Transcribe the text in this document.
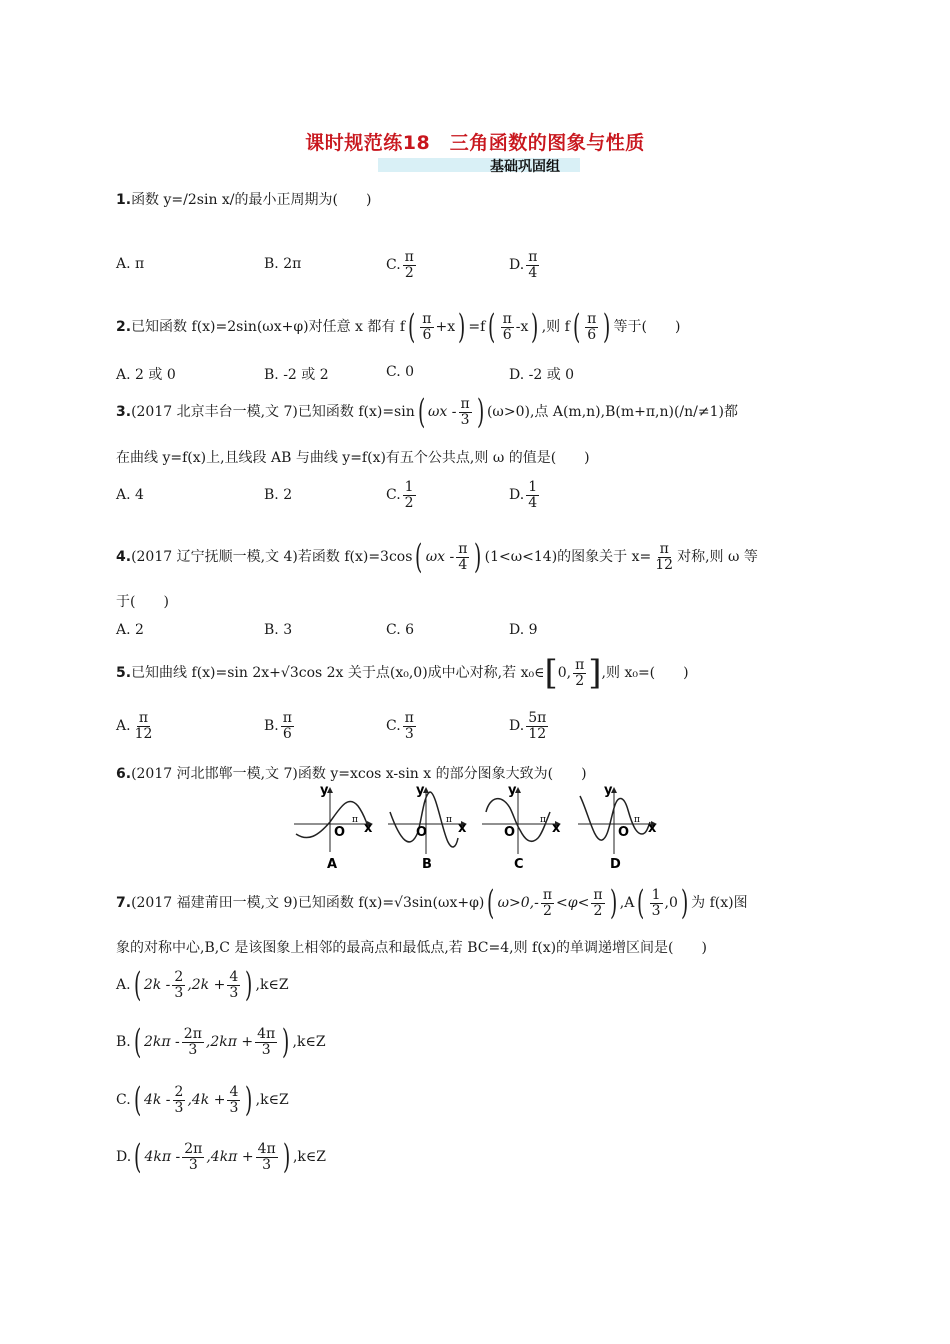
课时规范练18　三角函数的图象与性质
基础巩固组
1.函数 y=/2sin x/的最小正周期为(　　)
A. π	B. 2π	C. $\frac{\pi}{2}$	D. $\frac{\pi}{4}$
2.已知函数 f(x)=2sin(ωx+φ)对任意 x 都有 $f( \frac{\pi}{6} +x) =f( \frac{\pi}{6} -x)$ ,则 $f( \frac{\pi}{6}$ ) 等于(　　)
A. 2 或 0	B. -2 或 2	C. 0	D. -2 或 0
3.(2017 北京丰台一模,文 7)已知函数 f(x)=sin( ωx - $\frac{\pi}{3}$ ) (ω>0),点 A(m,n),B(m+π,n)(/n/≠1)都
在曲线 y=f(x)上,且线段 AB 与曲线 y=f(x)有五个公共点,则 ω 的值是(　　)
A. 4	B. 2	C. $\frac{1}{2}$	D. $\frac{1}{4}$
4.(2017 辽宁抚顺一模,文 4)若函数 f(x)=3cos( ωx - $\frac{\pi}{4}$ ) (1<ω<14)的图象关于 $x= \frac{\pi}{12}$ 对称,则 ω 等
于(　　)
A. 2	B. 3	C. 6	D. 9
5.已知曲线 f(x)=sin 2x+√3cos 2x 关于点(x₀,0)成中心对称,若 x₀∈[0, $\frac{\pi}{2}$ ],则 x₀=(　　)
A. $\frac{\pi}{12}$	B. $\frac{\pi}{6}$	C. $\frac{\pi}{3}$	D. $\frac{5\pi}{12}$
6.(2017 河北邯郸一模,文 7)函数 y=xcos x-sin x 的部分图象大致为(　　)
y
O
π
x
A
y
O
π
x
B
y
O
π
x
C
y
O
π
x
D
7.(2017 福建莆田一模,文 9)已知函数 f(x)=√3sin(ωx+φ)( $\omega>0,- \frac{\pi}{2} <\varphi< \frac{\pi}{2}$ ) $,A( \frac{1}{3} ,0)$ 为 f(x)图
象的对称中心,B,C 是该图象上相邻的最高点和最低点,若 BC=4,则 f(x)的单调递增区间是(　　)
A.( $2k - \frac{2}{3} ,2k + \frac{4}{3}$ ) ,k∈Z
B.( $2k\pi - \frac{2\pi}{3} ,2k\pi + \frac{4\pi}{3}$ ) ,k∈Z
C.( $4k - \frac{2}{3} ,4k + \frac{4}{3}$ ) ,k∈Z
D.( $4k\pi - \frac{2\pi}{3} ,4k\pi + \frac{4\pi}{3}$ ) ,k∈Z
